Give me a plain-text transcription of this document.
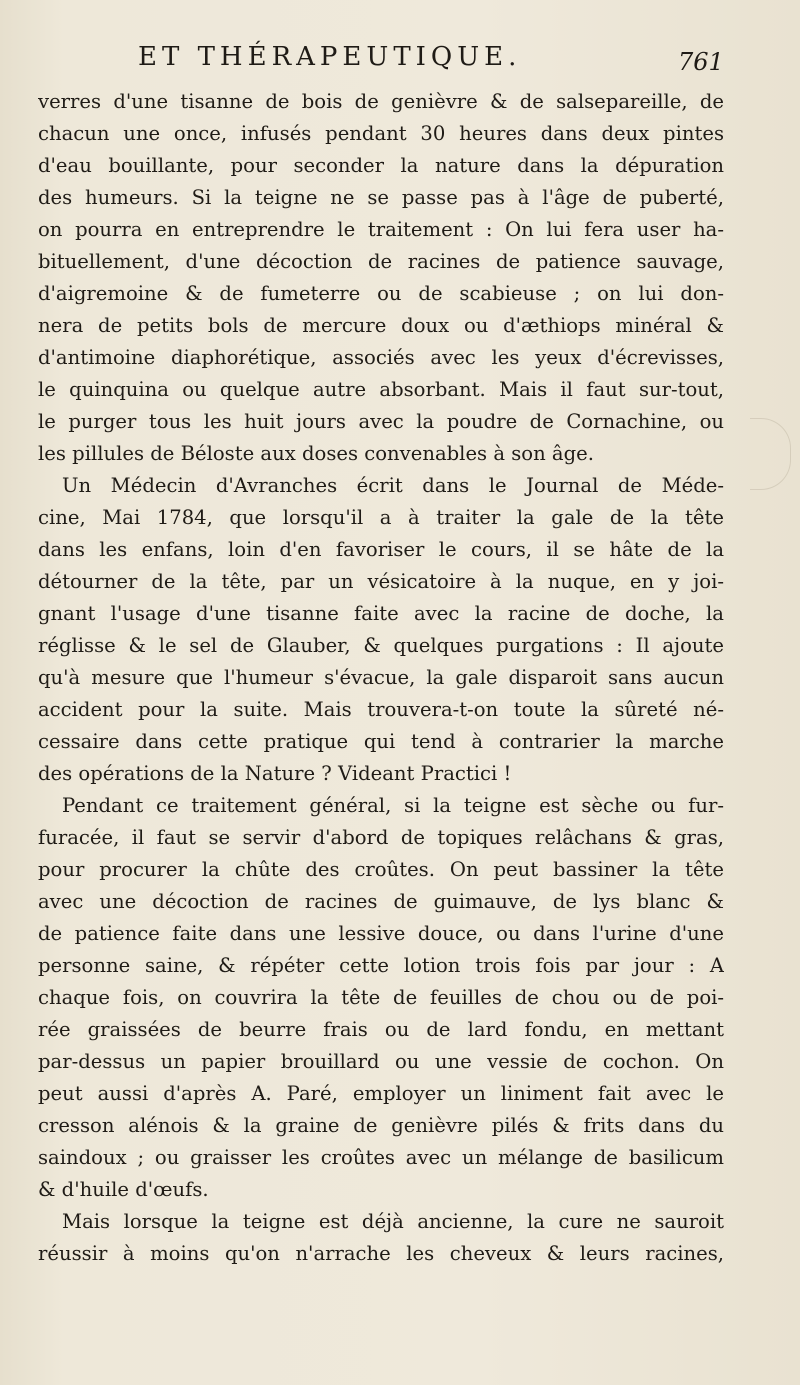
ET THÉRAPEUTIQUE.	761
verres d'une tisanne de bois de genièvre & de salsepareille, de
chacun une once, infusés pendant 30 heures dans deux pintes
d'eau bouillante, pour seconder la nature dans la dépuration
des humeurs. Si la teigne ne se passe pas à l'âge de puberté,
on pourra en entreprendre le traitement : On lui fera user ha-
bituellement, d'une décoction de racines de patience sauvage,
d'aigremoine & de fumeterre ou de scabieuse ; on lui don-
nera de petits bols de mercure doux ou d'æthiops minéral &
d'antimoine diaphorétique, associés avec les yeux d'écrevisses,
le quinquina ou quelque autre absorbant. Mais il faut sur-tout,
le purger tous les huit jours avec la poudre de Cornachine, ou
les pillules de Béloste aux doses convenables à son âge.
Un Médecin d'Avranches écrit dans le Journal de Méde-
cine, Mai 1784, que lorsqu'il a à traiter la gale de la tête
dans les enfans, loin d'en favoriser le cours, il se hâte de la
détourner de la tête, par un vésicatoire à la nuque, en y joi-
gnant l'usage d'une tisanne faite avec la racine de doche, la
réglisse & le sel de Glauber, & quelques purgations : Il ajoute
qu'à mesure que l'humeur s'évacue, la gale disparoit sans aucun
accident pour la suite. Mais trouvera-t-on toute la sûreté né-
cessaire dans cette pratique qui tend à contrarier la marche
des opérations de la Nature ? Videant Practici !
Pendant ce traitement général, si la teigne est sèche ou fur-
furacée, il faut se servir d'abord de topiques relâchans & gras,
pour procurer la chûte des croûtes. On peut bassiner la tête
avec une décoction de racines de guimauve, de lys blanc &
de patience faite dans une lessive douce, ou dans l'urine d'une
personne saine, & répéter cette lotion trois fois par jour : A
chaque fois, on couvrira la tête de feuilles de chou ou de poi-
rée graissées de beurre frais ou de lard fondu, en mettant
par-dessus un papier brouillard ou une vessie de cochon. On
peut aussi d'après A. Paré, employer un liniment fait avec le
cresson alénois & la graine de genièvre pilés & frits dans du
saindoux ; ou graisser les croûtes avec un mélange de basilicum
& d'huile d'œufs.
Mais lorsque la teigne est déjà ancienne, la cure ne sauroit
réussir à moins qu'on n'arrache les cheveux & leurs racines,
